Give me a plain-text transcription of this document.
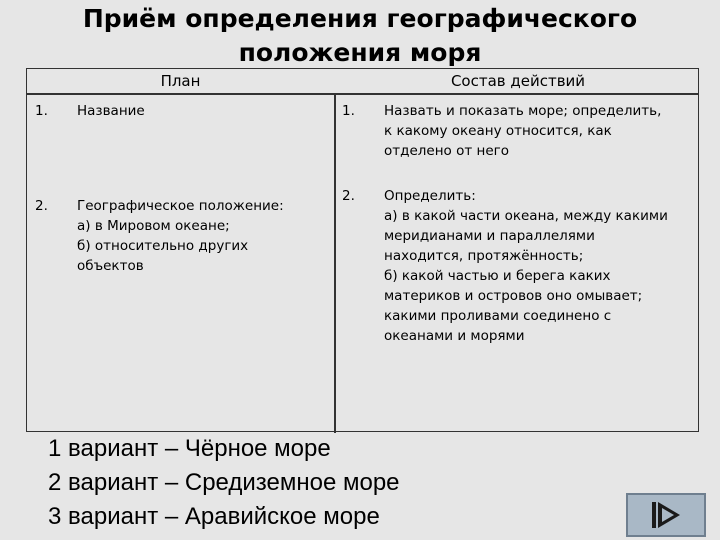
Приём определения географического
положения моря
План	Состав действий
1. Название	1. Назвать и показать море; определить,
к какому океану относится, как
отделено от него
2. Географическое положение:
а) в Мировом океане;
б) относительно других
объектов
2. Определить:
а) в какой части океана, между какими
меридианами и параллелями
находится, протяжённость;
б) какой частью и берега каких
материков и островов оно омывает;
какими проливами соединено с
океанами и морями
1 вариант – Чёрное море
2 вариант – Средиземное море
3 вариант – Аравийское море
